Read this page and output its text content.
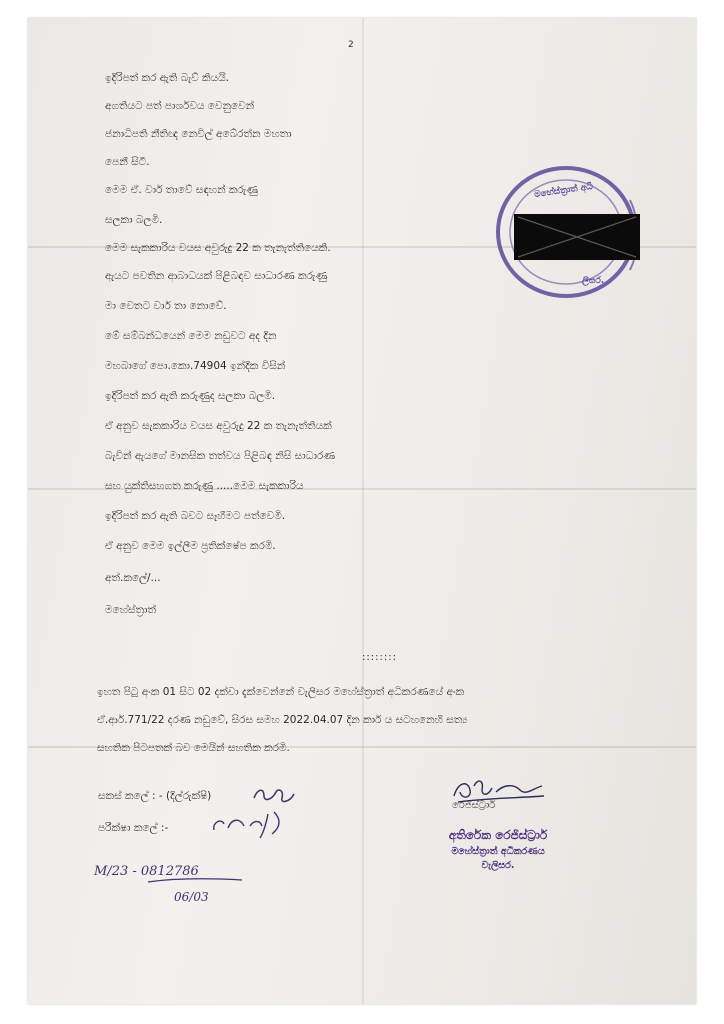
2
ඉදිරිපත් කර ඇති බැව් කියයි.
අගතියට පත් පාර්ශවය වෙනුවෙන්
ජනාධිපති නීතිඥ නෙවිල් අබේරත්න මහතා
පෙනී සිටී.
මෙම ඒ. වාර් තාවේ සඳහන් කරුණු
සලකා බලමි.
මෙම සැකකාරිය වයස අවුරුදු 22 ක තැනැත්තියෙකි.
ඇයට පවතින ආබාධයක් පිළිබඳව සාධාරණ කරුණු
මා වෙතට වාර් තා නොවේ.
මේ සම්බන්ධයෙන් මෙම නඩුවට අද දින
මහබාගේ පො.කො.74904 ඉන්දික විසින්
ඉදිරිපත් කර ඇති කරුණුද සලකා බලමි.
ඒ අනුව සැකකාරිය වයස අවුරුදු 22 ක තැනැත්තියක්
බැවින් ඇයගේ මානසික තත්වය පිළිබඳ නිසි සාධාරණ
සහ යුක්තිසහගත කරුණු .....මෙම සැකකාරිය
ඉදිරිපත් කර ඇති බවට සෑහීමට පත්වෙමි.
ඒ අනුව මෙම ඉල්ලීම ප්‍රතික්ෂේප කරමි.
අත්.කලේ/...
මහේස්ත්‍රාත්
::::::::
ඉහත පිටු අංක 01 සිට 02 දක්වා දැක්වෙන්නේ වැලිසර මහේස්ත්‍රාත් අධිකරණයේ අංක
ඒ.ආර්.771/22 දරණ නඩුවේ, සිරස සමහ 2022.04.07 දින කාර් ය සටහනෙහි සත්‍ය
සහතික පිටපතක් බව මෙයින් සහතික කරමි.
සකස් කලේ : - (දිල්රුක්ෂි)
පරීක්ෂා කලේ :-
M/23 - 0812786
06/03
රෙජිස්ට්‍රාර්
අතිරේක රෙජිස්ට්‍රාර්
මහේස්ත්‍රාත් අධිකරණය
වැලිසර.
මහේස්ත්‍රාත් අධි
ලිසර.
